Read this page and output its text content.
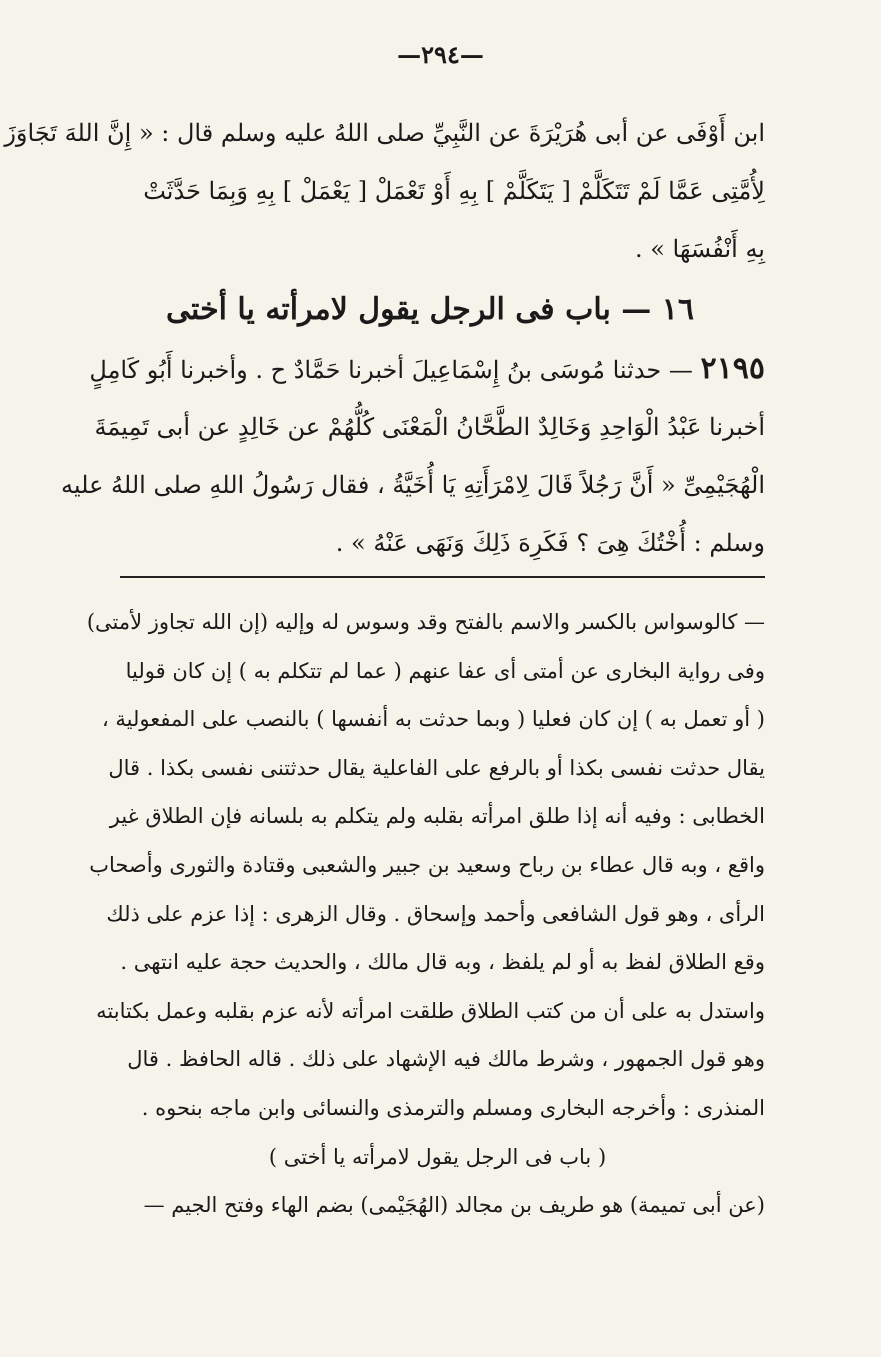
—٢٩٤—
ابن أَوْفَى عن أبى هُرَيْرَةَ عن النَّبِيِّ صلى اللهُ عليه وسلم قال : « إِنَّ اللهَ تَجَاوَزَ
لِأُمَّتِى عَمَّا لَمْ تَتَكَلَّمْ [ يَتَكَلَّمْ ] بِهِ أَوْ تَعْمَلْ [ يَعْمَلْ ] بِهِ وَبِمَا حَدَّثَتْ
بِهِ أَنْفُسَهَا » .
١٦ — باب فى الرجل يقول لامرأته يا أختى
٢١٩٥ — حدثنا مُوسَى بنُ إِسْمَاعِيلَ أخبرنا حَمَّادٌ ح . وأخبرنا أَبُو كَامِلٍ
أخبرنا عَبْدُ الْوَاحِدِ وَخَالِدٌ الطَّحَّانُ الْمَعْنَى كُلُّهُمْ عن خَالِدٍ عن أبى تَمِيمَةَ
الْهُجَيْمِىِّ « أَنَّ رَجُلاً قَالَ لِامْرَأَتِهِ يَا أُخَيَّةُ ، فقال رَسُولُ اللهِ صلى اللهُ عليه
وسلم : أُخْتُكَ هِىَ ؟ فَكَرِهَ ذَلِكَ وَنَهَى عَنْهُ » .
— كالوسواس بالكسر والاسم بالفتح وقد وسوس له وإليه (إن الله تجاوز لأمتى)
وفى رواية البخارى عن أمتى أى عفا عنهم ( عما لم تتكلم به ) إن كان قوليا
( أو تعمل به ) إن كان فعليا ( وبما حدثت به أنفسها ) بالنصب على المفعولية ،
يقال حدثت نفسى بكذا أو بالرفع على الفاعلية يقال حدثتنى نفسى بكذا . قال
الخطابى : وفيه أنه إذا طلق امرأته بقلبه ولم يتكلم به بلسانه فإن الطلاق غير
واقع ، وبه قال عطاء بن رباح وسعيد بن جبير والشعبى وقتادة والثورى وأصحاب
الرأى ، وهو قول الشافعى وأحمد وإسحاق . وقال الزهرى : إذا عزم على ذلك
وقع الطلاق لفظ به أو لم يلفظ ، وبه قال مالك ، والحديث حجة عليه انتهى .
واستدل به على أن من كتب الطلاق طلقت امرأته لأنه عزم بقلبه وعمل بكتابته
وهو قول الجمهور ، وشرط مالك فيه الإشهاد على ذلك . قاله الحافظ . قال
المنذرى : وأخرجه البخارى ومسلم والترمذى والنسائى وابن ماجه بنحوه .
( باب فى الرجل يقول لامرأته يا أختى )
(عن أبى تميمة) هو طريف بن مجالد (الهُجَيْمى) بضم الهاء وفتح الجيم —
